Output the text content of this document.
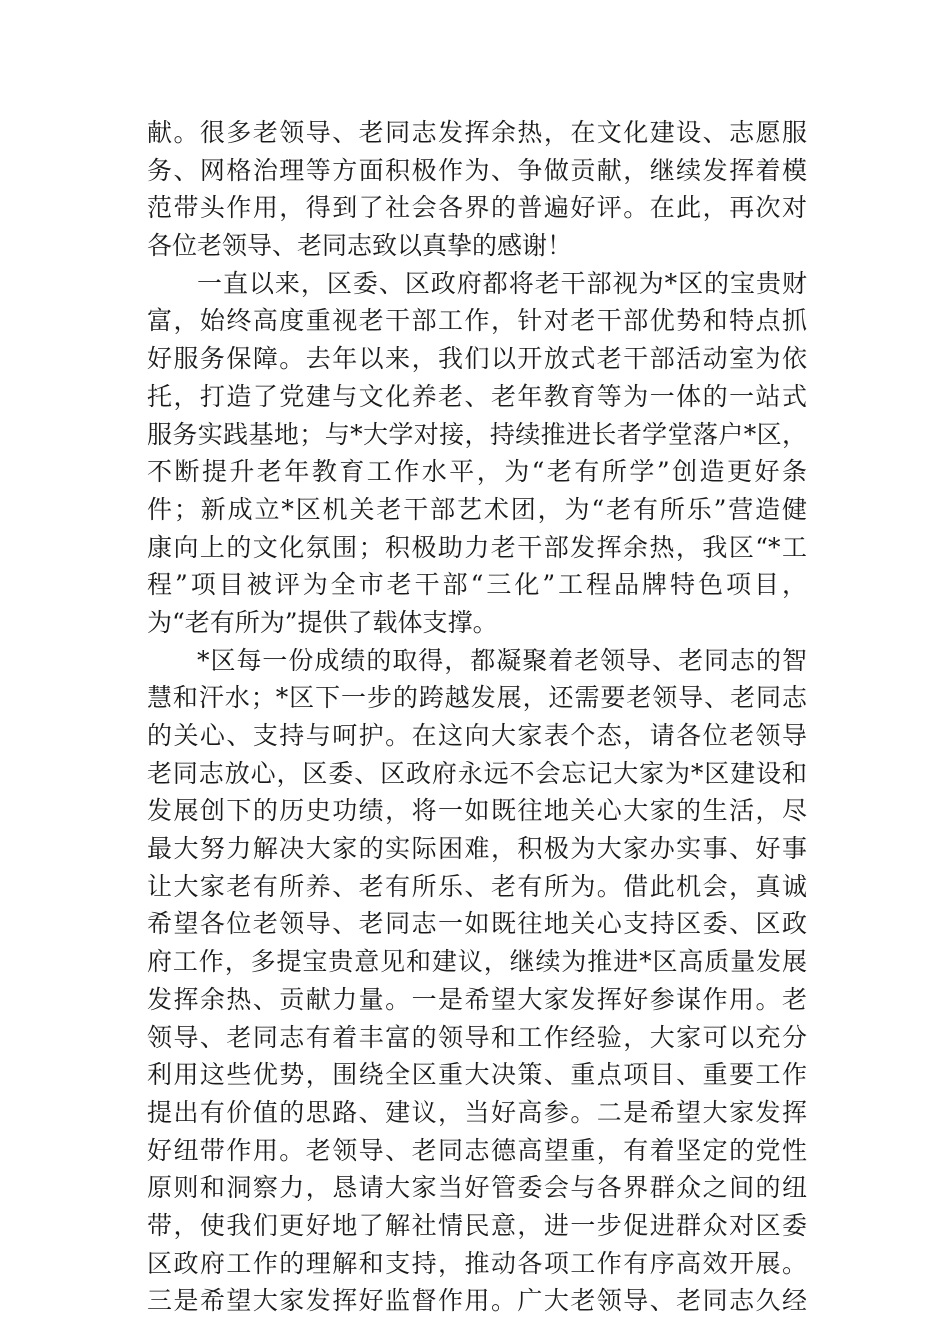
献。很多老领导、老同志发挥余热，在文化建设、志愿服
务、网格治理等方面积极作为、争做贡献，继续发挥着模
范带头作用，得到了社会各界的普遍好评。在此，再次对
各位老领导、老同志致以真挚的感谢！
一直以来，区委、区政府都将老干部视为*区的宝贵财
富，始终高度重视老干部工作，针对老干部优势和特点抓
好服务保障。去年以来，我们以开放式老干部活动室为依
托，打造了党建与文化养老、老年教育等为一体的一站式
服务实践基地；与*大学对接，持续推进长者学堂落户*区，
不断提升老年教育工作水平，为“老有所学”创造更好条
件；新成立*区机关老干部艺术团，为“老有所乐”营造健
康向上的文化氛围；积极助力老干部发挥余热，我区“*工
程”项目被评为全市老干部“三化”工程品牌特色项目，
为“老有所为”提供了载体支撑。
*区每一份成绩的取得，都凝聚着老领导、老同志的智
慧和汗水；*区下一步的跨越发展，还需要老领导、老同志
的关心、支持与呵护。在这向大家表个态，请各位老领导
老同志放心，区委、区政府永远不会忘记大家为*区建设和
发展创下的历史功绩，将一如既往地关心大家的生活，尽
最大努力解决大家的实际困难，积极为大家办实事、好事
让大家老有所养、老有所乐、老有所为。借此机会，真诚
希望各位老领导、老同志一如既往地关心支持区委、区政
府工作，多提宝贵意见和建议，继续为推进*区高质量发展
发挥余热、贡献力量。一是希望大家发挥好参谋作用。老
领导、老同志有着丰富的领导和工作经验，大家可以充分
利用这些优势，围绕全区重大决策、重点项目、重要工作
提出有价值的思路、建议，当好高参。二是希望大家发挥
好纽带作用。老领导、老同志德高望重，有着坚定的党性
原则和洞察力，恳请大家当好管委会与各界群众之间的纽
带，使我们更好地了解社情民意，进一步促进群众对区委
区政府工作的理解和支持，推动各项工作有序高效开展。
三是希望大家发挥好监督作用。广大老领导、老同志久经
